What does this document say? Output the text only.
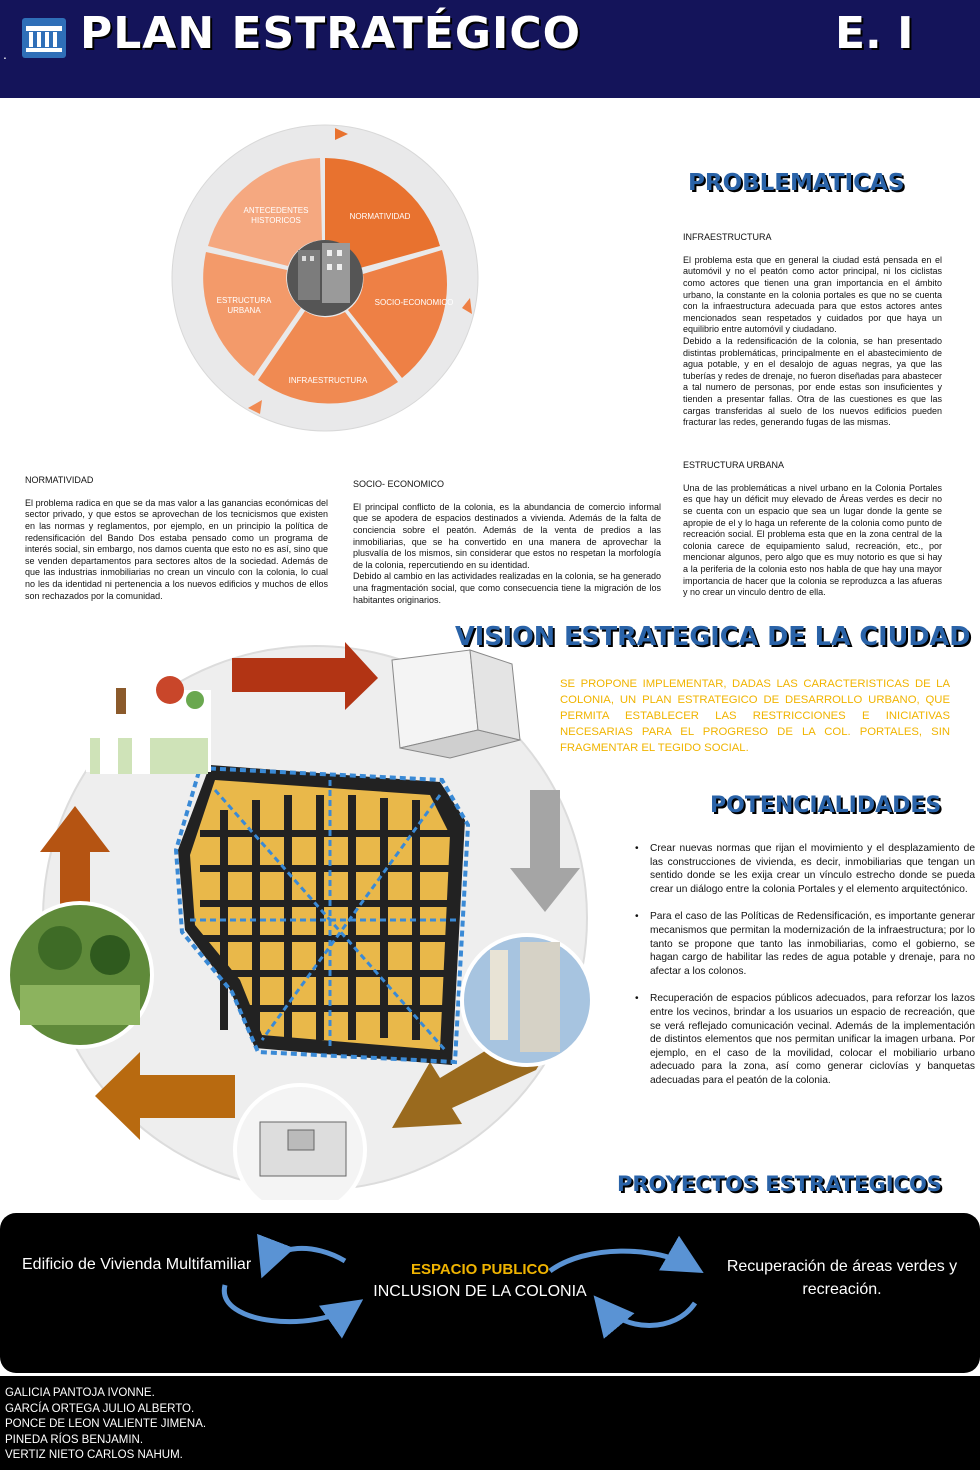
. PLAN ESTRATÉGICO	E. I
ANTECEDENTES HISTORICOS	NORMATIVIDAD
SOCIO-ECONOMICO
INFRAESTRUCTURA
ESTRUCTURA URBANA
PROBLEMATICAS

INFRAESTRUCTURA

El problema esta que en general la ciudad está pensada en el automóvil y no el peatón como actor principal, ni los ciclistas como actores que tienen una gran importancia en el ámbito urbano, la constante en la colonia portales es que no se cuenta con la infraestructura adecuada para que estos actores antes mencionados sean respetados y cuidados por que haya un equilibrio entre automóvil y ciudadano.
Debido a la redensificación de la colonia, se han presentado distintas problemáticas, principalmente en el abastecimiento de agua potable, y en el desalojo de aguas negras, ya que las tuberías y redes de drenaje, no fueron diseñadas para abastecer a tal numero de personas, por ende estas son insuficientes y tienden a presentar fallas. Otra de las cuestiones es que las cargas transferidas al suelo de los nuevos edificios pueden fracturar las redes, generando fugas de las mismas.

ESTRUCTURA URBANA

Una de las problemáticas a nivel urbano en la Colonia Portales es que hay un déficit muy elevado de Áreas verdes es decir no se cuenta con un espacio que sea un lugar donde la gente se apropie de el y lo haga un referente de la colonia como punto de recreación social. El problema esta que en la zona central de la colonia carece de equipamiento salud, recreación, etc., por mencionar algunos, pero algo que es muy notorio es que si hay a la periferia de la colonia esto nos habla de que hay una mayor importancia de hacer que la colonia se reproduzca a las afueras y no crear un vinculo dentro de ella.

NORMATIVIDAD

El problema radica en que se da mas valor a las ganancias económicas del sector privado, y que estos se aprovechan de los tecnicismos que existen en las normas y reglamentos, por ejemplo, en un principio la política de redensificación del Bando Dos estaba pensado como un programa de interés social, sin embargo, nos damos cuenta que esto no es así, sino que se venden departamentos para sectores altos de la sociedad. Además de que las industrias inmobiliarias no crean un vinculo con la colonia, lo cual no les da identidad ni pertenencia a los nuevos edificios y muchos de ellos son rechazados por la comunidad.

SOCIO- ECONOMICO

El principal conflicto de la colonia, es la abundancia de comercio informal que se apodera de espacios destinados a vivienda. Además de la falta de conciencia sobre el peatón. Además de la venta de predios a las inmobiliarias, que se ha convertido en una manera de aprovechar la plusvalía de los mismos, sin considerar que estos no respetan la morfología de la colonia, repercutiendo en su identidad.
Debido al cambio en las actividades realizadas en la colonia, se ha generado una fragmentación social, que como consecuencia tiene la migración de los habitantes originarios.

VISION ESTRATEGICA DE LA CIUDAD
SE PROPONE IMPLEMENTAR, DADAS LAS CARACTERISTICAS DE LA COLONIA, UN PLAN ESTRATEGICO DE DESARROLLO URBANO, QUE PERMITA ESTABLECER LAS RESTRICCIONES E INICIATIVAS NECESARIAS PARA EL PROGRESO DE LA COL. PORTALES, SIN FRAGMENTAR EL TEGIDO SOCIAL.
POTENCIALIDADES
• Crear nuevas normas que rijan el movimiento y el desplazamiento de las construcciones de vivienda, es decir, inmobiliarias que tengan un sentido donde se les exija crear un vínculo estrecho donde se pueda crear un diálogo entre la colonia Portales y el elemento arquitectónico.
• Para el caso de las Políticas de Redensificación, es importante generar mecanismos que permitan la modernización de la infraestructura; por lo tanto se propone que tanto las inmobiliarias, como el gobierno, se hagan cargo de habilitar las redes de agua potable y drenaje, para no afectar a los colonos.
• Recuperación de espacios públicos adecuados, para reforzar los lazos entre los vecinos, brindar a los usuarios un espacio de recreación, que se verá reflejado comunicación vecinal. Además de la implementación de distintos elementos que nos permitan unificar la imagen urbana. Por ejemplo, en el caso de la movilidad, colocar el mobiliario urbano adecuado para la zona, así como generar ciclovías y banquetas adecuadas para el peatón de la colonia.
PROYECTOS ESTRATEGICOS
Edificio de Vivienda Multifamiliar	ESPACIO PUBLICO
INCLUSION DE LA COLONIA
Recuperación de áreas verdes y recreación.
GALICIA PANTOJA IVONNE.
GARCÍA ORTEGA JULIO ALBERTO.
PONCE DE LEON VALIENTE JIMENA.
PINEDA RÍOS BENJAMIN.
VERTIZ NIETO CARLOS NAHUM.
